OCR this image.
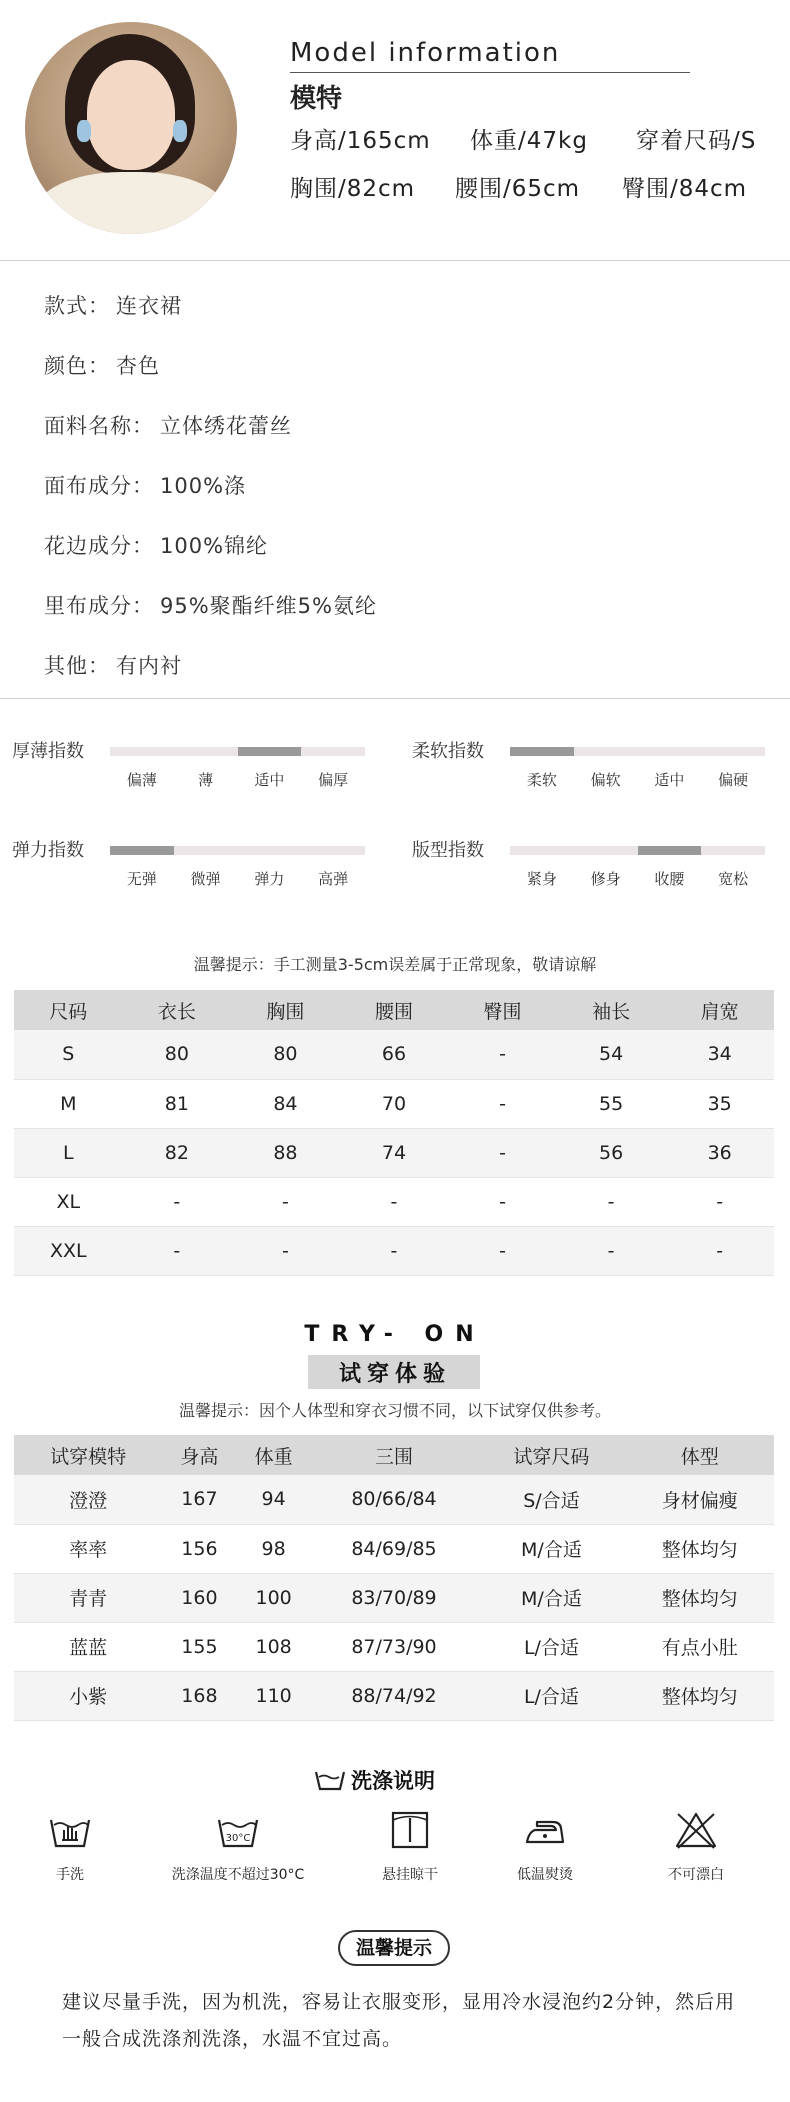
Model information
模特
身高/165cm 体重/47kg 穿着尺码/S
胸围/82cm 腰围/65cm 臀围/84cm
款式： 连衣裙
颜色： 杏色
面料名称： 立体绣花蕾丝
面布成分： 100%涤
花边成分： 100%锦纶
里布成分： 95%聚酯纤维5%氨纶
其他： 有内衬
厚薄指数
偏薄	薄	适中 偏厚
柔软指数
柔软 偏软 适中 偏硬
弹力指数
无弹 微弹 弹力 高弹
版型指数
紧身 修身 收腰 宽松
温馨提示：手工测量3-5cm误差属于正常现象，敬请谅解
尺码	衣长	胸围	腰围	臀围	袖长	肩宽
S	80	80	66	-	54	34
M	81	84	70	-	55	35
L	82	88	74	-	56	36
XL	-	-	-	-	-	-
XXL	-	-	-	-	-	-
TRY- ON
试穿体验
温馨提示：因个人体型和穿衣习惯不同，以下试穿仅供参考。
试穿模特	身高	体重	三围	试穿尺码	体型
澄澄	167	94	80/66/84	S/合适	身材偏瘦
率率	156	98	84/69/85	M/合适	整体均匀
青青	160	100	83/70/89	M/合适	整体均匀
蓝蓝	155	108	87/73/90	L/合适	有点小肚
小紫	168	110	88/74/92	L/合适	整体均匀
洗涤说明
手洗
30°C
洗涤温度不超过30°C	悬挂晾干	低温熨烫	不可漂白
温馨提示
建议尽量手洗，因为机洗，容易让衣服变形，显用冷水浸泡约2分钟，然后用一般合成洗涤剂洗涤，水温不宜过高。
